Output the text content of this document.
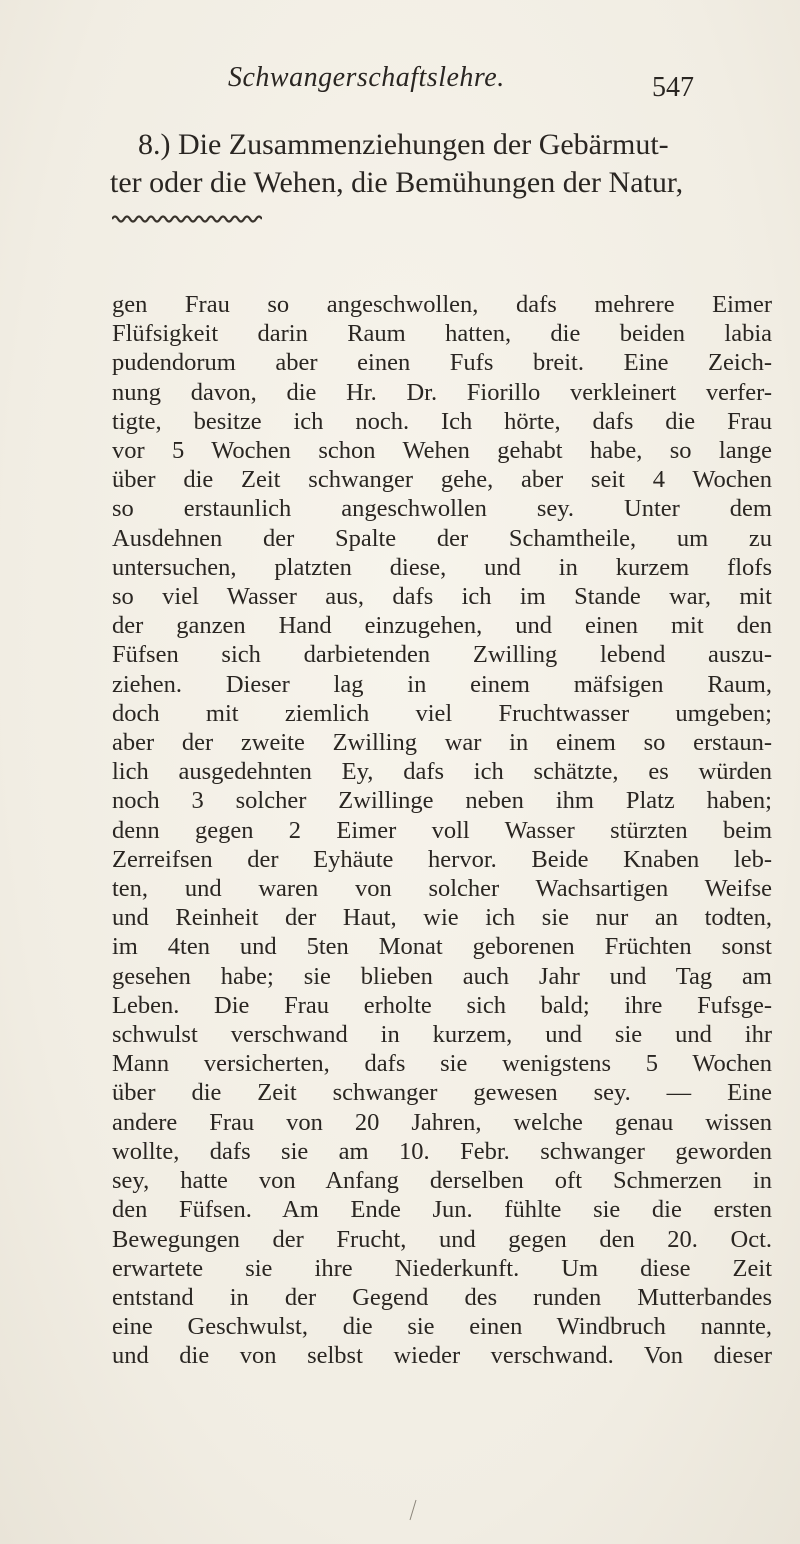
Schwangerschaftslehre.	547
8.) Die Zusammenziehungen der Gebärmut-
ter oder die Wehen, die Bemühungen der Natur,
gen Frau so angeschwollen, dafs mehrere Eimer
Flüfsigkeit darin Raum hatten, die beiden labia
pudendorum aber einen Fufs breit. Eine Zeich-
nung davon, die Hr. Dr. Fiorillo verkleinert verfer-
tigte, besitze ich noch. Ich hörte, dafs die Frau
vor 5 Wochen schon Wehen gehabt habe, so lange
über die Zeit schwanger gehe, aber seit 4 Wochen
so erstaunlich angeschwollen sey. Unter dem
Ausdehnen der Spalte der Schamtheile, um zu
untersuchen, platzten diese, und in kurzem flofs
so viel Wasser aus, dafs ich im Stande war, mit
der ganzen Hand einzugehen, und einen mit den
Füfsen sich darbietenden Zwilling lebend auszu-
ziehen. Dieser lag in einem mäfsigen Raum,
doch mit ziemlich viel Fruchtwasser umgeben;
aber der zweite Zwilling war in einem so erstaun-
lich ausgedehnten Ey, dafs ich schätzte, es würden
noch 3 solcher Zwillinge neben ihm Platz haben;
denn gegen 2 Eimer voll Wasser stürzten beim
Zerreifsen der Eyhäute hervor. Beide Knaben leb-
ten, und waren von solcher Wachsartigen Weifse
und Reinheit der Haut, wie ich sie nur an todten,
im 4ten und 5ten Monat geborenen Früchten sonst
gesehen habe; sie blieben auch Jahr und Tag am
Leben. Die Frau erholte sich bald; ihre Fufsge-
schwulst verschwand in kurzem, und sie und ihr
Mann versicherten, dafs sie wenigstens 5 Wochen
über die Zeit schwanger gewesen sey. — Eine
andere Frau von 20 Jahren, welche genau wissen
wollte, dafs sie am 10. Febr. schwanger geworden
sey, hatte von Anfang derselben oft Schmerzen in
den Füfsen. Am Ende Jun. fühlte sie die ersten
Bewegungen der Frucht, und gegen den 20. Oct.
erwartete sie ihre Niederkunft. Um diese Zeit
entstand in der Gegend des runden Mutterbandes
eine Geschwulst, die sie einen Windbruch nannte,
und die von selbst wieder verschwand. Von dieser
